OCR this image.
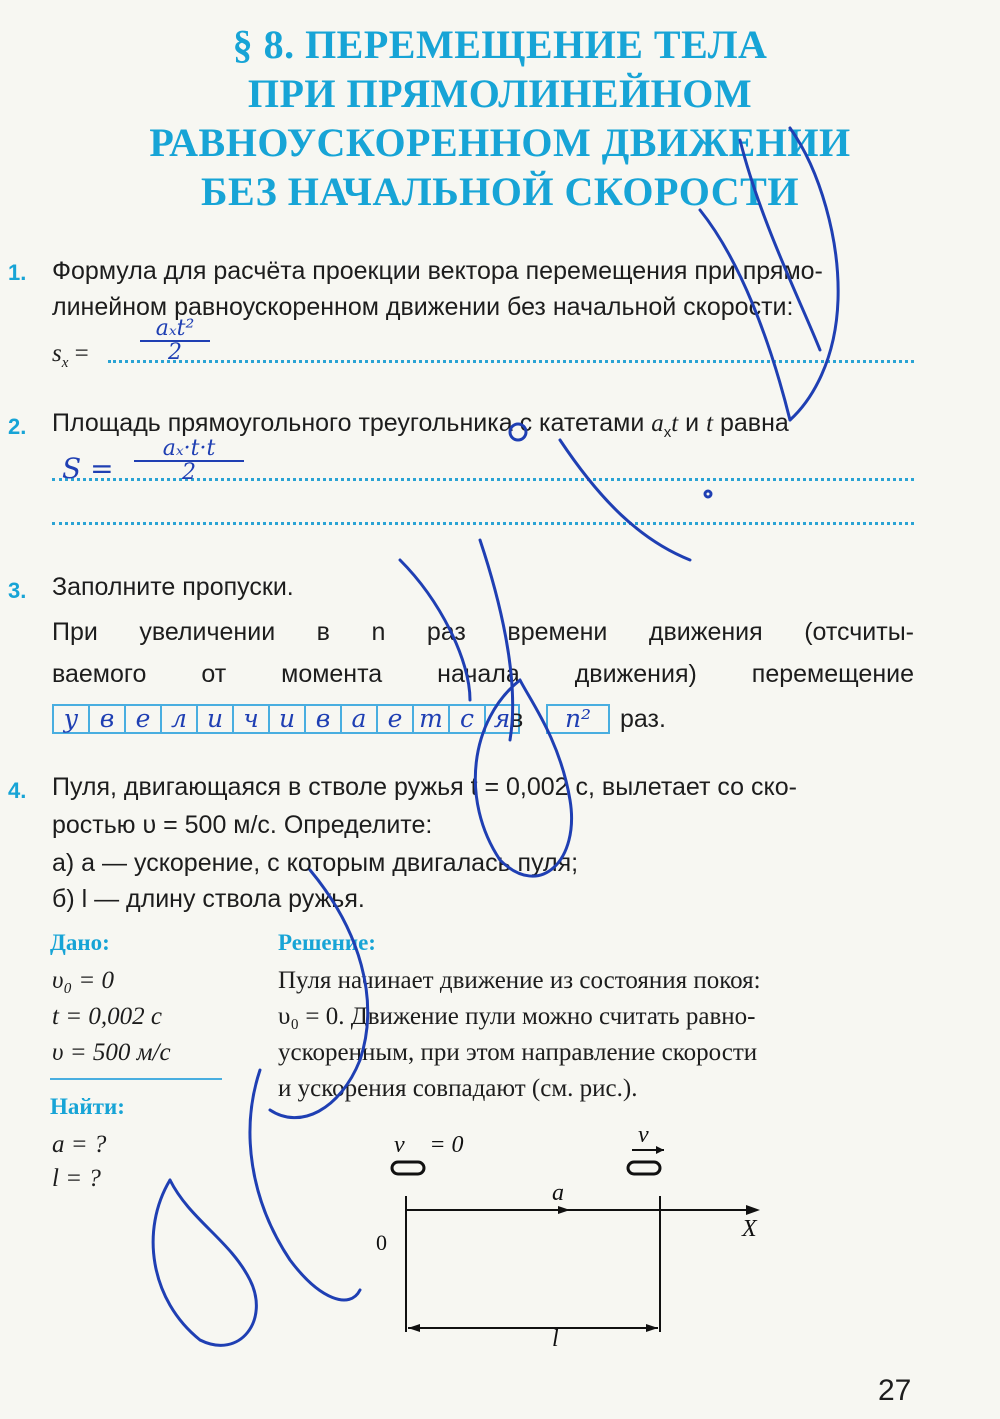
§ 8. ПЕРЕМЕЩЕНИЕ ТЕЛА
ПРИ ПРЯМОЛИНЕЙНОМ
РАВНОУСКОРЕННОМ ДВИЖЕНИИ
БЕЗ НАЧАЛЬНОЙ СКОРОСТИ
1. Формула для расчёта проекции вектора перемещения при прямо-
линейном равноускоренном движении без начальной скорости:
$s_x$ =
aₓt²
2
2. Площадь прямоугольного треугольника с катетами $a_xt$ и t равна
S =
aₓ·t·t
2
3. Заполните пропуски.
При увеличении в n раз времени движения (отсчиты-
ваемого от момента начала движения) перемещение
у в е л и ч и в а е т с я в	n²	раз.
4. Пуля, двигающаяся в стволе ружья t = 0,002 с, вылетает со ско-
ростью υ = 500 м/с. Определите:
а) a — ускорение, с которым двигалась пуля;
б) l — длину ствола ружья.
Дано:
υ₀ = 0
t = 0,002 с
υ = 500 м/с
Найти:
a = ?
l = ?
Решение:
Пуля начинает движение из состояния покоя:
υ₀ = 0. Движение пули можно считать равно-
ускоренным, при этом направление скорости
и ускорения совпадают (см. рис.).
v⃗ = 0	v⃗
a
X
0
l
27
